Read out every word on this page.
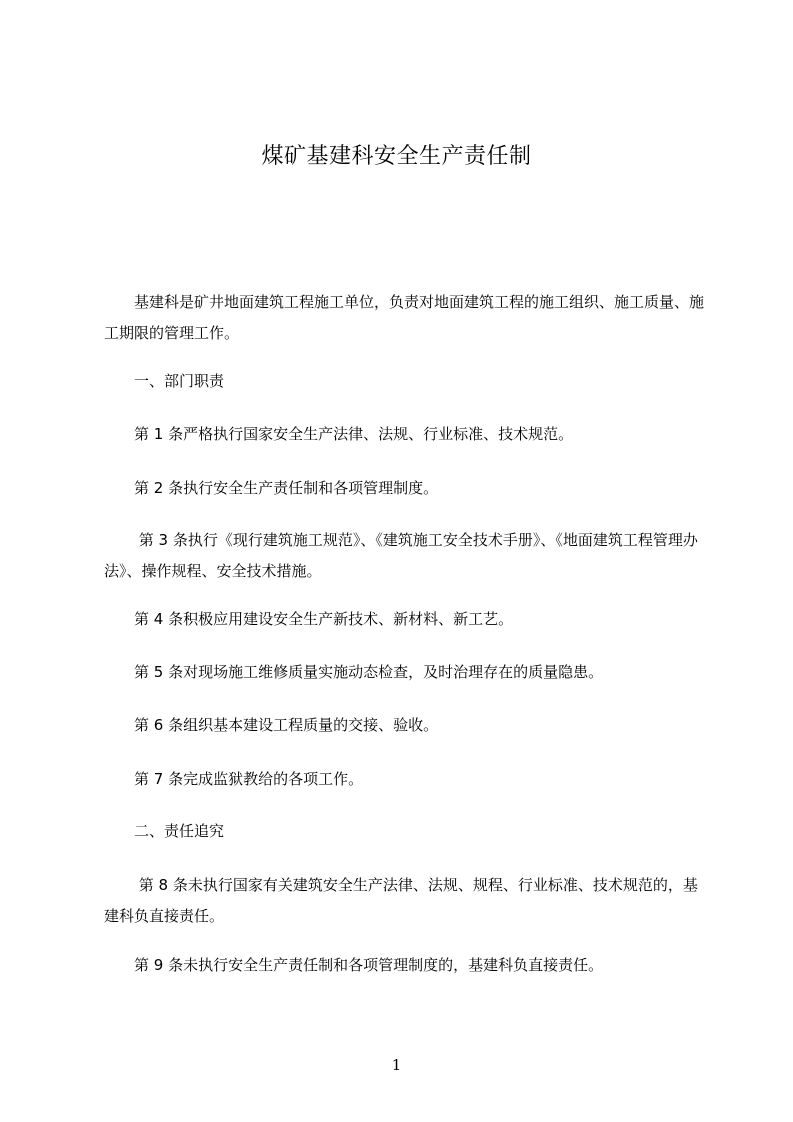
煤矿基建科安全生产责任制

　　基建科是矿井地面建筑工程施工单位，负责对地面建筑工程的施工组织、施工质量、施工期限的管理工作。

　　一、部门职责

　　第 1 条严格执行国家安全生产法律、法规、行业标准、技术规范。

　　第 2 条执行安全生产责任制和各项管理制度。

　　 第 3 条执行《现行建筑施工规范》、《建筑施工安全技术手册》、《地面建筑工程管理办法》、操作规程、安全技术措施。

　　第 4 条积极应用建设安全生产新技术、新材料、新工艺。

　　第 5 条对现场施工维修质量实施动态检查，及时治理存在的质量隐患。

　　第 6 条组织基本建设工程质量的交接、验收。

　　第 7 条完成监狱教给的各项工作。

　　二、责任追究

　　 第 8 条未执行国家有关建筑安全生产法律、法规、规程、行业标准、技术规范的，基建科负直接责任。

　　第 9 条未执行安全生产责任制和各项管理制度的，基建科负直接责任。

1
